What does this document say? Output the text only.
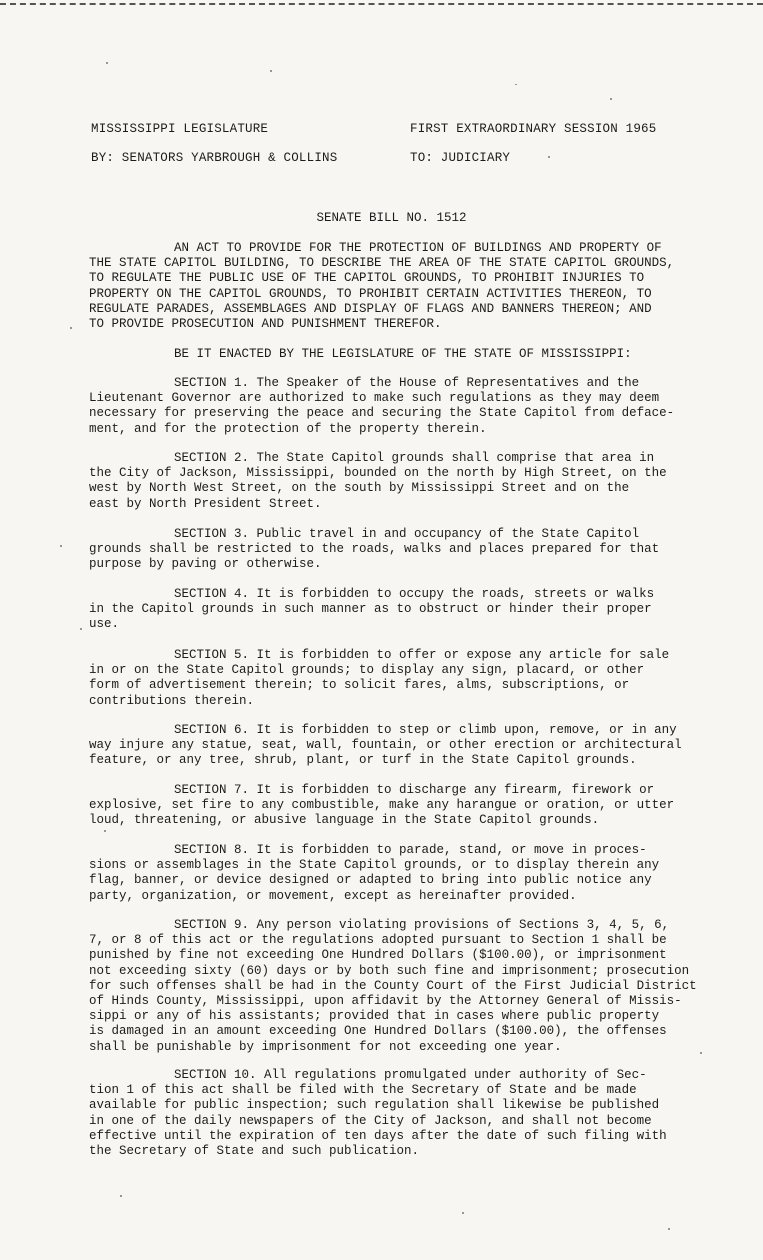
MISSISSIPPI LEGISLATURE	FIRST EXTRAORDINARY SESSION 1965
BY: SENATORS YARBROUGH & COLLINS	TO: JUDICIARY
SENATE BILL NO. 1512
AN ACT TO PROVIDE FOR THE PROTECTION OF BUILDINGS AND PROPERTY OF
THE STATE CAPITOL BUILDING, TO DESCRIBE THE AREA OF THE STATE CAPITOL GROUNDS,
TO REGULATE THE PUBLIC USE OF THE CAPITOL GROUNDS, TO PROHIBIT INJURIES TO
PROPERTY ON THE CAPITOL GROUNDS, TO PROHIBIT CERTAIN ACTIVITIES THEREON, TO
REGULATE PARADES, ASSEMBLAGES AND DISPLAY OF FLAGS AND BANNERS THEREON; AND
TO PROVIDE PROSECUTION AND PUNISHMENT THEREFOR.
BE IT ENACTED BY THE LEGISLATURE OF THE STATE OF MISSISSIPPI:
SECTION 1. The Speaker of the House of Representatives and the
Lieutenant Governor are authorized to make such regulations as they may deem
necessary for preserving the peace and securing the State Capitol from deface-
ment, and for the protection of the property therein.
SECTION 2. The State Capitol grounds shall comprise that area in
the City of Jackson, Mississippi, bounded on the north by High Street, on the
west by North West Street, on the south by Mississippi Street and on the
east by North President Street.
SECTION 3. Public travel in and occupancy of the State Capitol
grounds shall be restricted to the roads, walks and places prepared for that
purpose by paving or otherwise.
SECTION 4. It is forbidden to occupy the roads, streets or walks
in the Capitol grounds in such manner as to obstruct or hinder their proper
use.
SECTION 5. It is forbidden to offer or expose any article for sale
in or on the State Capitol grounds; to display any sign, placard, or other
form of advertisement therein; to solicit fares, alms, subscriptions, or
contributions therein.
SECTION 6. It is forbidden to step or climb upon, remove, or in any
way injure any statue, seat, wall, fountain, or other erection or architectural
feature, or any tree, shrub, plant, or turf in the State Capitol grounds.
SECTION 7. It is forbidden to discharge any firearm, firework or
explosive, set fire to any combustible, make any harangue or oration, or utter
loud, threatening, or abusive language in the State Capitol grounds.
SECTION 8. It is forbidden to parade, stand, or move in proces-
sions or assemblages in the State Capitol grounds, or to display therein any
flag, banner, or device designed or adapted to bring into public notice any
party, organization, or movement, except as hereinafter provided.
SECTION 9. Any person violating provisions of Sections 3, 4, 5, 6,
7, or 8 of this act or the regulations adopted pursuant to Section 1 shall be
punished by fine not exceeding One Hundred Dollars ($100.00), or imprisonment
not exceeding sixty (60) days or by both such fine and imprisonment; prosecution
for such offenses shall be had in the County Court of the First Judicial District
of Hinds County, Mississippi, upon affidavit by the Attorney General of Missis-
sippi or any of his assistants; provided that in cases where public property
is damaged in an amount exceeding One Hundred Dollars ($100.00), the offenses
shall be punishable by imprisonment for not exceeding one year.
SECTION 10. All regulations promulgated under authority of Sec-
tion 1 of this act shall be filed with the Secretary of State and be made
available for public inspection; such regulation shall likewise be published
in one of the daily newspapers of the City of Jackson, and shall not become
effective until the expiration of ten days after the date of such filing with
the Secretary of State and such publication.
